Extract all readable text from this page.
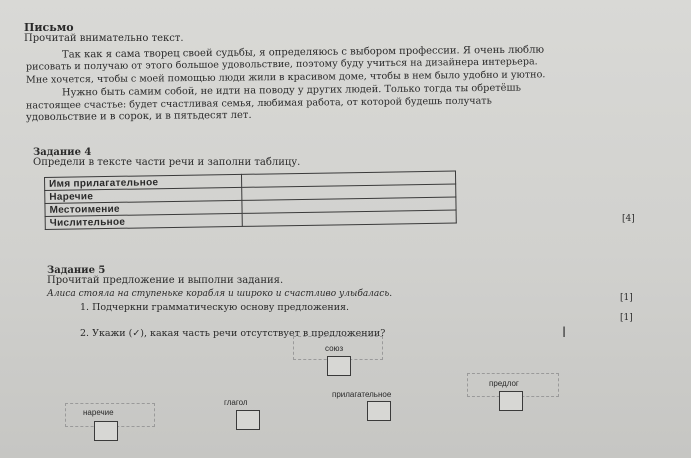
Письмо
Прочитай внимательно текст.
Так как я сама творец своей судьбы, я определяюсь с выбором профессии. Я очень люблю
рисовать и получаю от этого большое удовольствие, поэтому буду учиться на дизайнера интерьера.
Мне хочется, чтобы с моей помощью люди жили в красивом доме, чтобы в нем было удобно и уютно.
Нужно быть самим собой, не идти на поводу у других людей. Только тогда ты обретёшь
настоящее счастье: будет счастливая семья, любимая работа, от которой будешь получать
удовольствие и в сорок, и в пятьдесят лет.
Задание 4
Определи в тексте части речи и заполни таблицу.
Имя прилагательное	
Наречие	
Местоимение	
Числительное		[4]
Задание 5
Прочитай предложение и выполни задания.
Алиса стояла на ступеньке корабля и широко и счастливо улыбалась.	[1]
1. Подчеркни грамматическую основу предложения.
[1]
2. Укажи (✓), какая часть речи отсутствует в предложении?
союз
предлог
прилагательное
глагол
наречие
I
